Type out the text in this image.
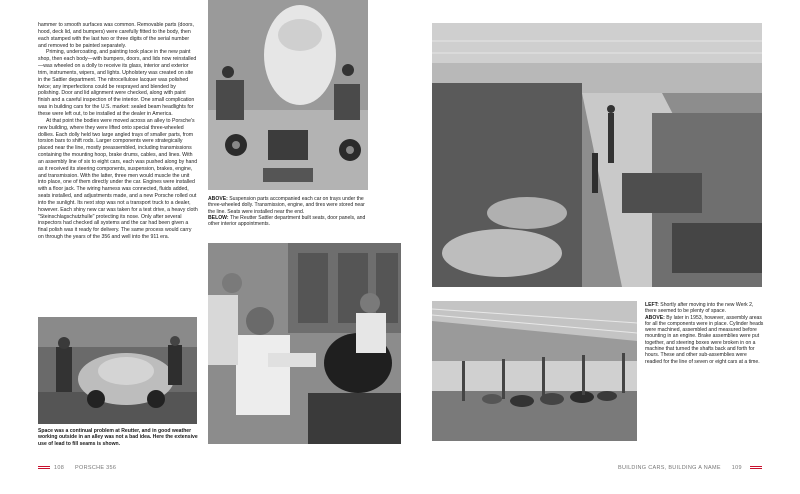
hammer to smooth surfaces was common. Removable parts (doors, hood, deck lid, and bumpers) were carefully fitted to the body, then each stamped with the last two or three digits of the serial number and removed to be painted separately.

Priming, undercoating, and painting took place in the new paint shop, then each body—with bumpers, doors, and lids now reinstalled—was wheeled on a dolly to receive its glass, interior and exterior trim, instruments, wipers, and lights. Upholstery was created on site in the Sattler department. The nitrocellulose lacquer was polished twice; any imperfections could be resprayed and blended by polishing. Door and lid alignment were checked, along with paint finish and a careful inspection of the interior. One small complication was in building cars for the U.S. market: sealed beam headlights for these were left out, to be installed at the dealer in America.

At that point the bodies were moved across an alley to Porsche's new building, where they were lifted onto special three-wheeled dollies. Each dolly held two large angled trays of smaller parts, from torsion bars to shift rods. Larger components were strategically placed near the line, mostly preassembled, including transmissions containing the mounting hoop, brake drums, cables, and lines. With an assembly line of six to eight cars, each was pushed along by hand as it received its steering components, suspension, brakes, engine, and transmission. With the latter, three men would muscle the unit into place, one of them directly under the car. Engines were installed with a floor jack. The wiring harness was connected, fluids added, seats installed, and adjustments made, and a new Porsche rolled out into the sunlight. Its next stop was not a transport truck to a dealer, however. Each shiny new car was taken for a test drive, a heavy cloth "Steinschlagschutzhulle" protecting its nose. Only after several inspectors had checked all systems and the car had been given a final polish was it ready for delivery. The same process would carry on through the years of the 356 and well into the 911 era.

Space was a continual problem at Reutter, and in good weather working outside in an alley was not a bad idea. Here the extensive use of lead to fill seams is shown.
ABOVE: Suspension parts accompanied each car on trays under the three-wheeled dolly. Transmission, engine, and tires were stored near the line. Seats were installed near the end.
BELOW: The Reutter Sattler department built seats, door panels, and other interior appointments.
108 PORSCHE 356
LEFT: Shortly after moving into the new Werk 2, there seemed to be plenty of space.
ABOVE: By later in 1953, however, assembly areas for all the components were in place. Cylinder heads were machined, assembled and measured before mounting in an engine. Brake assemblies were put together, and steering boxes were broken in on a machine that turned the shafts back and forth for hours. These and other sub-assemblies were readied for the line of seven or eight cars at a time.
BUILDING CARS, BUILDING A NAME 109
